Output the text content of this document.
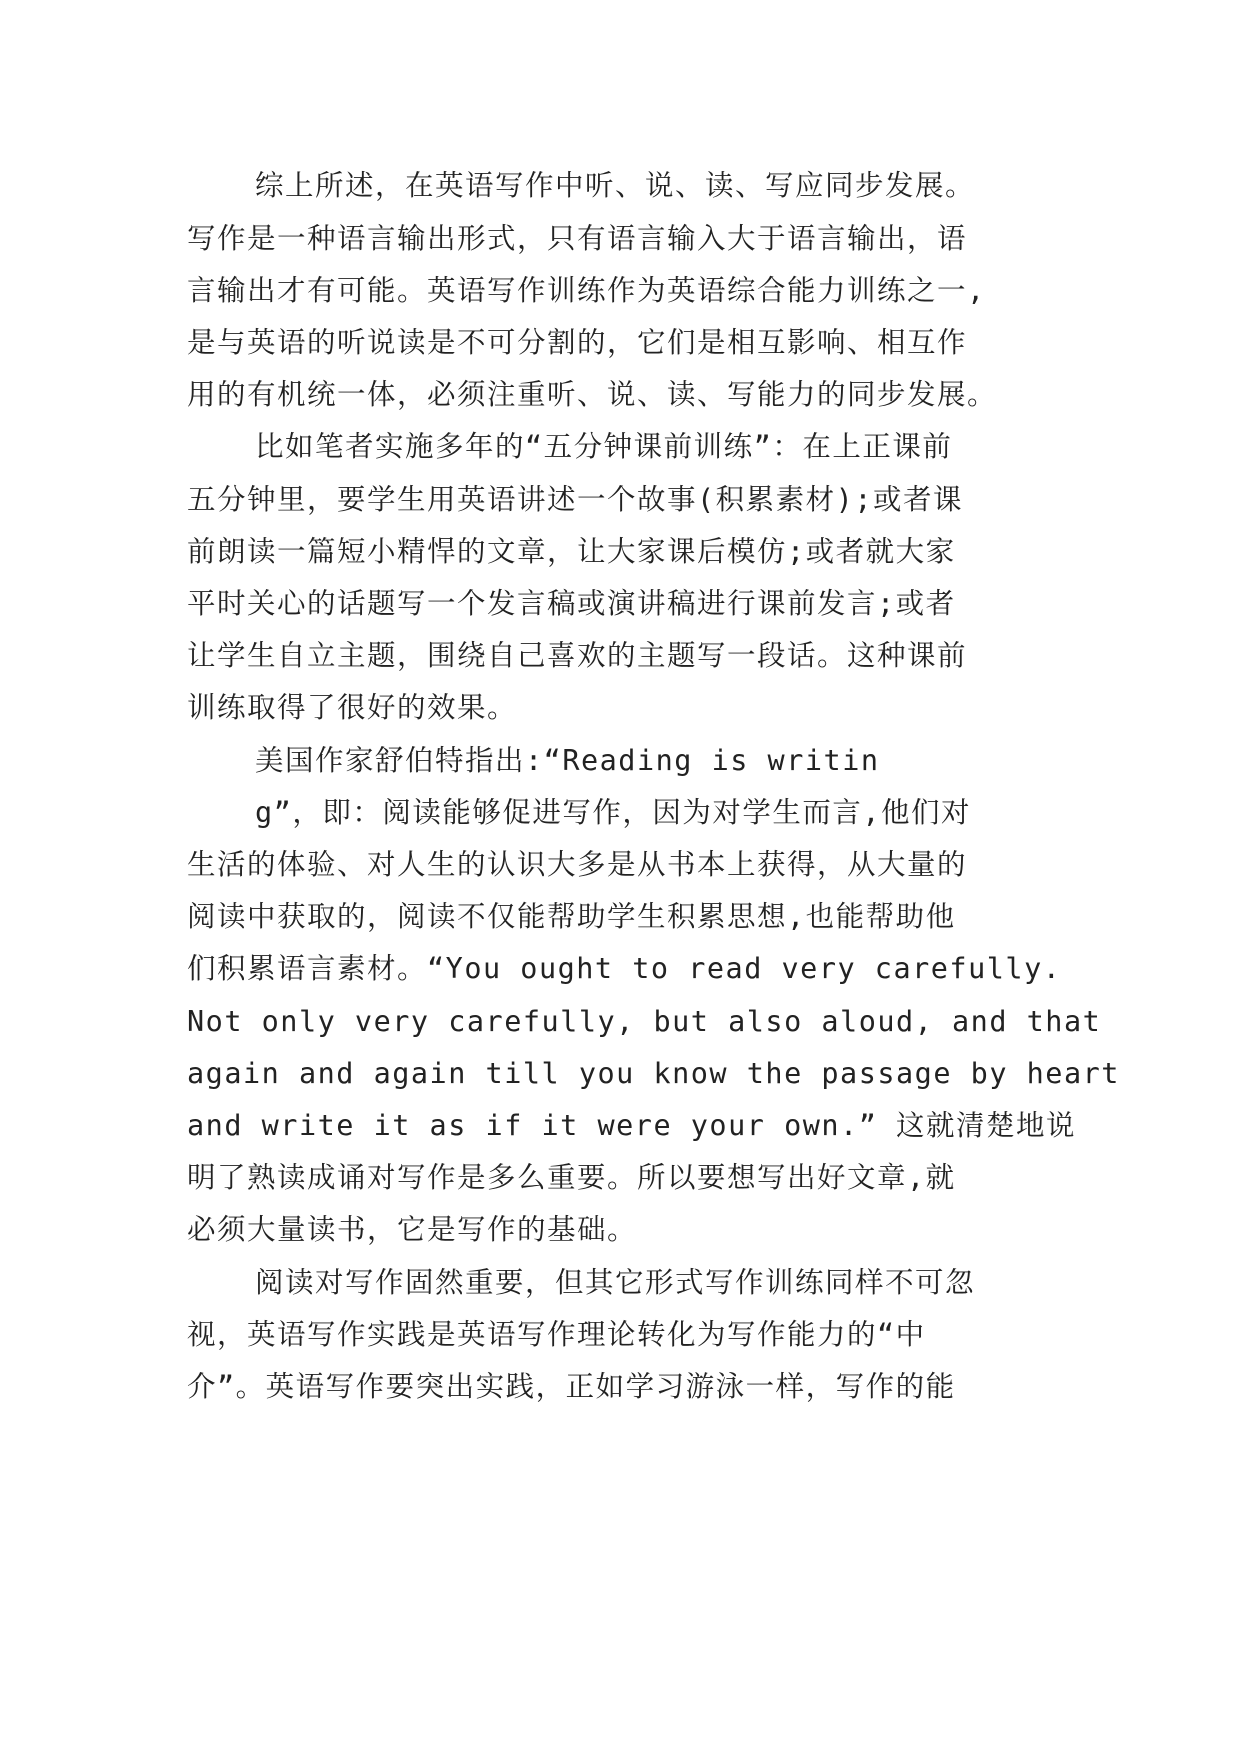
综上所述，在英语写作中听、说、读、写应同步发展。
写作是一种语言输出形式，只有语言输入大于语言输出，语
言输出才有可能。英语写作训练作为英语综合能力训练之一,
是与英语的听说读是不可分割的，它们是相互影响、相互作
用的有机统一体，必须注重听、说、读、写能力的同步发展。
比如笔者实施多年的“五分钟课前训练”：在上正课前
五分钟里，要学生用英语讲述一个故事(积累素材);或者课
前朗读一篇短小精悍的文章，让大家课后模仿;或者就大家
平时关心的话题写一个发言稿或演讲稿进行课前发言;或者
让学生自立主题，围绕自己喜欢的主题写一段话。这种课前
训练取得了很好的效果。
美国作家舒伯特指出:“Reading is writin
g”，即：阅读能够促进写作，因为对学生而言,他们对
生活的体验、对人生的认识大多是从书本上获得，从大量的
阅读中获取的，阅读不仅能帮助学生积累思想,也能帮助他
们积累语言素材。“You ought to read very carefully.
Not only very carefully, but also aloud, and that
again and again till you know the passage by heart
and write it as if it were your own.” 这就清楚地说
明了熟读成诵对写作是多么重要。所以要想写出好文章,就
必须大量读书，它是写作的基础。
阅读对写作固然重要，但其它形式写作训练同样不可忽
视，英语写作实践是英语写作理论转化为写作能力的“中
介”。英语写作要突出实践，正如学习游泳一样，写作的能
